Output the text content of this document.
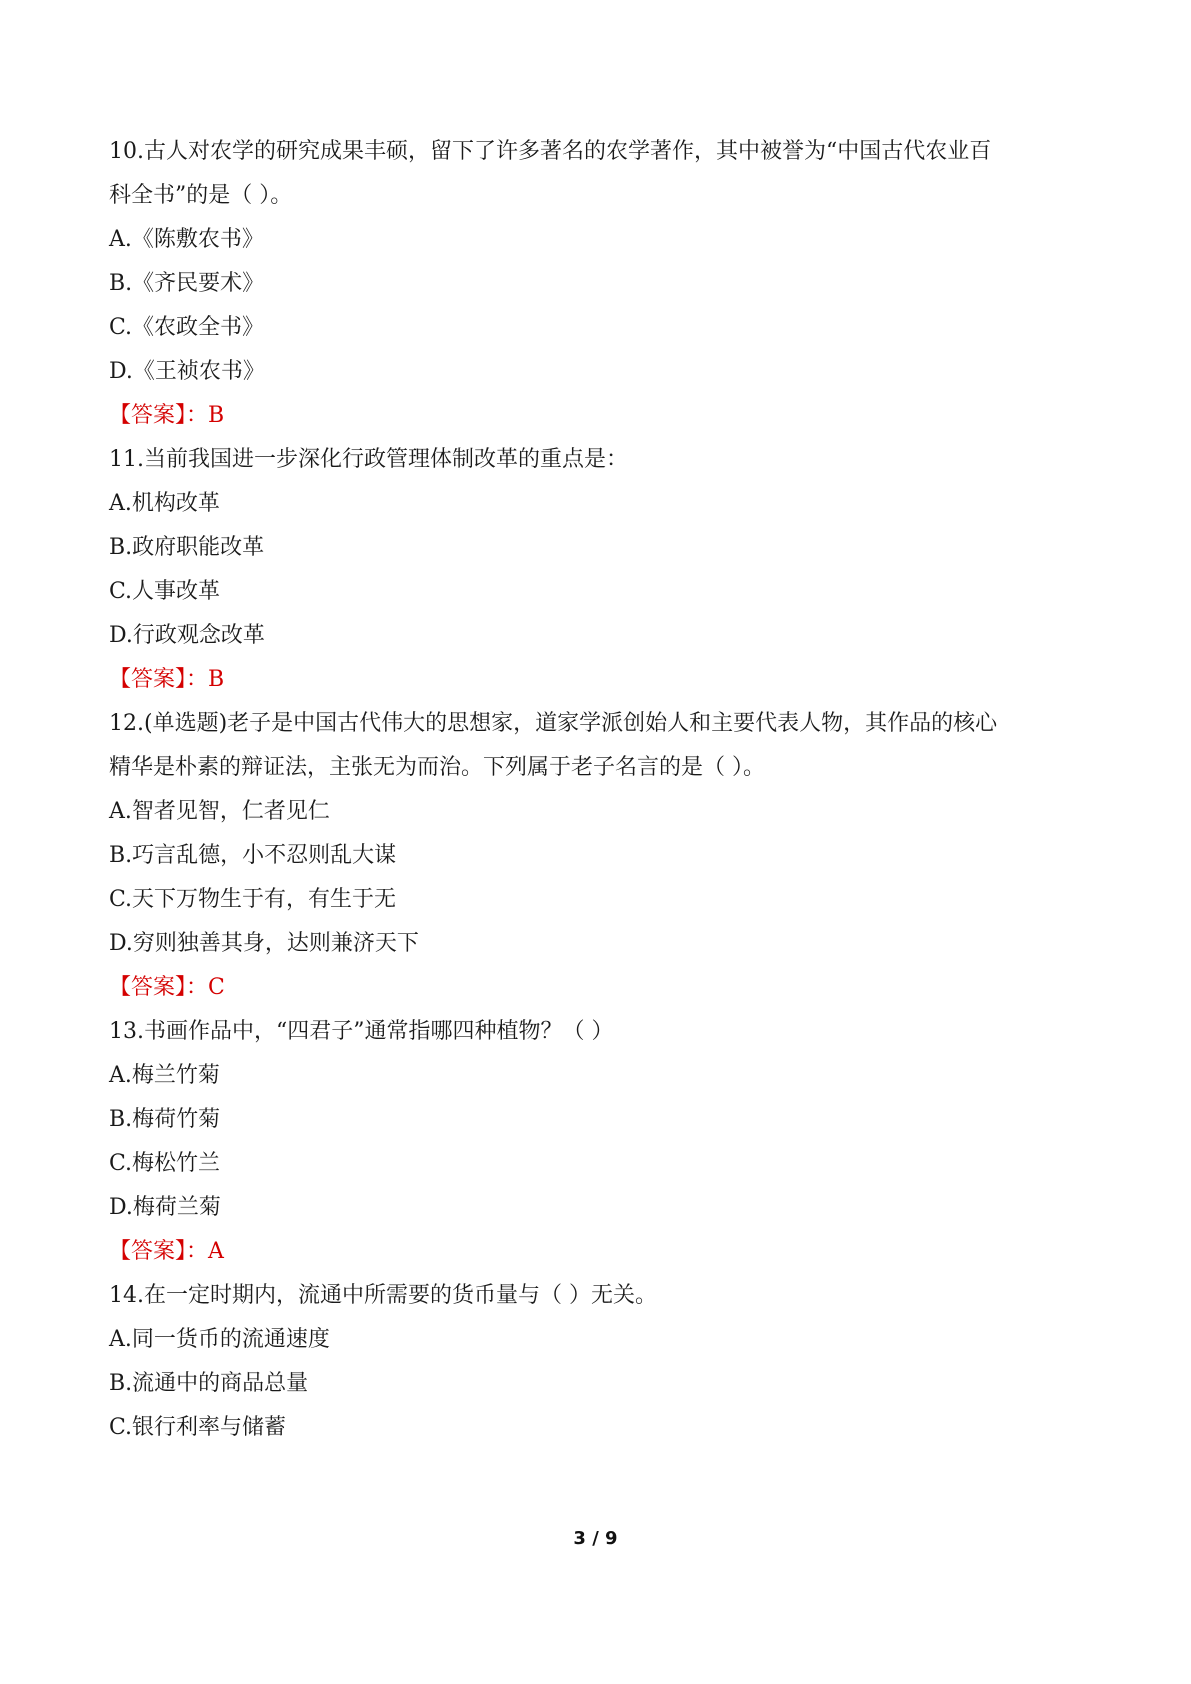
10.古人对农学的研究成果丰硕，留下了许多著名的农学著作，其中被誉为“中国古代农业百
科全书”的是（ ）。
A.《陈敷农书》
B.《齐民要术》
C.《农政全书》
D.《王祯农书》
【答案】：B
11.当前我国进一步深化行政管理体制改革的重点是：
A.机构改革
B.政府职能改革
C.人事改革
D.行政观念改革
【答案】：B
12.(单选题)老子是中国古代伟大的思想家，道家学派创始人和主要代表人物，其作品的核心
精华是朴素的辩证法，主张无为而治。下列属于老子名言的是（ ）。
A.智者见智，仁者见仁
B.巧言乱德，小不忍则乱大谋
C.天下万物生于有，有生于无
D.穷则独善其身，达则兼济天下
【答案】：C
13.书画作品中，“四君子”通常指哪四种植物？（ ）
A.梅兰竹菊
B.梅荷竹菊
C.梅松竹兰
D.梅荷兰菊
【答案】：A
14.在一定时期内，流通中所需要的货币量与（ ）无关。
A.同一货币的流通速度
B.流通中的商品总量
C.银行利率与储蓄
3 / 9
